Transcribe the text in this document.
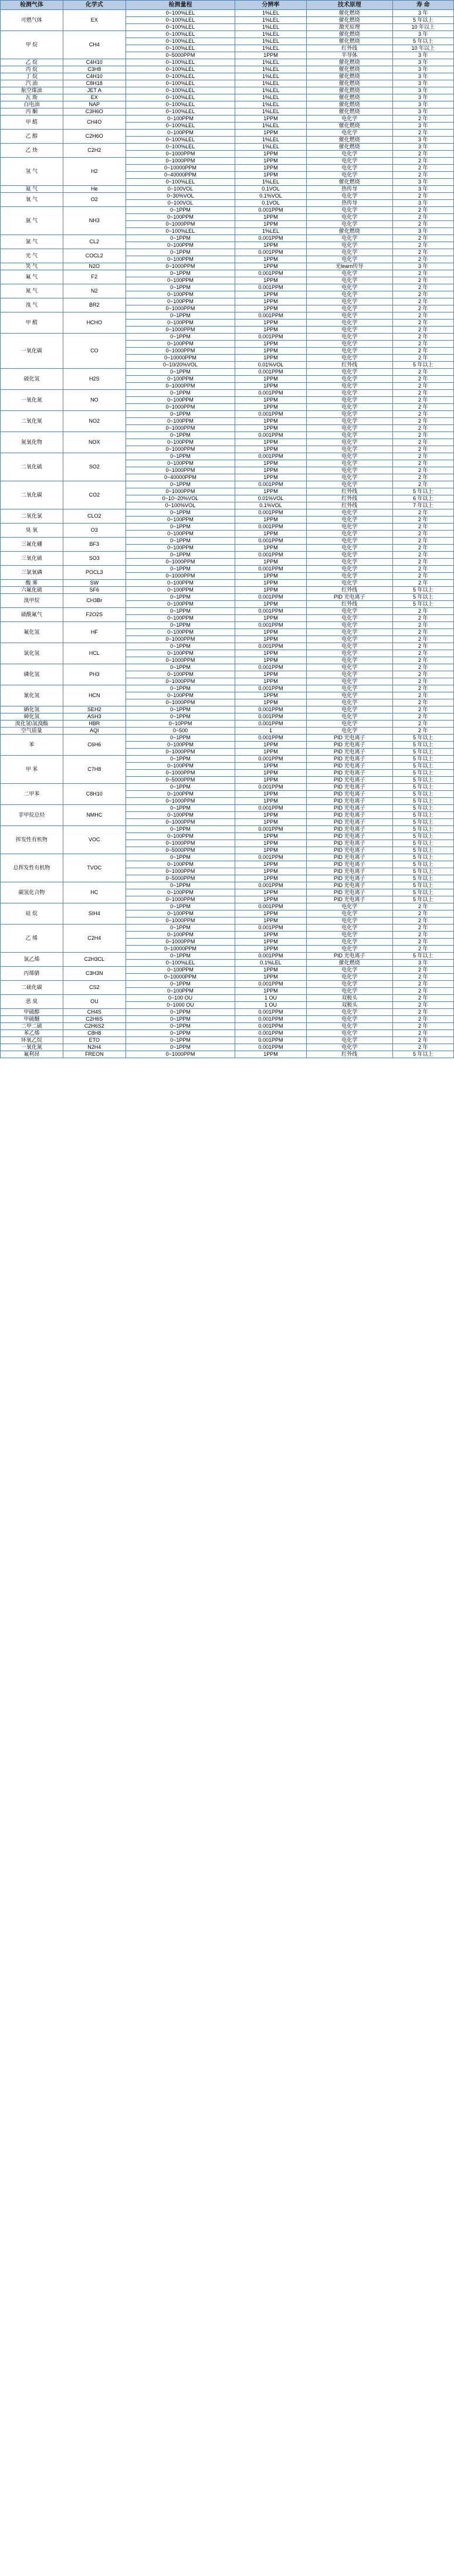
检测气体	化学式	检测量程	分辨率	技术原理	寿 命
可燃气体	EX	0~100%LEL	1%LEL	催化燃烧	3 年
		0~100%LEL	1%LEL	催化燃烧	5 年以上
		0~100%LEL	1%LEL	激光原理	10 年以上
甲 烷	CH4	0~100%LEL	1%LEL	催化燃烧	3 年
		0~100%LEL	1%LEL	催化燃烧	5 年以上
		0~100%LEL	1%LEL	红外线	10 年以上
		0~5000PPM	1PPM	半导体	3 年
乙 烷	C4H10	0~100%LEL	1%LEL	催化燃烧	3 年
丙 烷	C3H8	0~100%LEL	1%LEL	催化燃烧	3 年
丁 烷	C4H10	0~100%LEL	1%LEL	催化燃烧	3 年
汽 油	C8H18	0~100%LEL	1%LEL	催化燃烧	3 年
航空煤油	JET A	0~100%LEL	1%LEL	催化燃烧	3 年
瓦 斯	EX	0~100%LEL	1%LEL	催化燃烧	3 年
白电油	NAP	0~100%LEL	1%LEL	催化燃烧	3 年
丙 酮	C3H6O	0~100%LEL	1%LEL	催化燃烧	3 年
甲 醛	CH4O	0~100PPM	1PPM	电化学	2 年
		0~100%LEL	1%LEL	催化燃烧	3 年
乙 醇	C2H6O	0~100PPM	1PPM	电化学	2 年
		0~100%LEL	1%LEL	催化燃烧	3 年
乙 炔	C2H2	0~100%LEL	1%LEL	催化燃烧	3 年
		0~1000PPM	1PPM	电化学	2 年
氢 气	H2	0~1000PPM	1PPM	电化学	2 年
		0~10000PPM	1PPM	电化学	2 年
		0~40000PPM	1PPM	电化学	2 年
		0~100%LEL	1%LEL	催化燃烧	3 年
氦 气	He	0~100VOL	0.1VOL	热传导	3 年
氧 气	O2	0~30%VOL	0.1%VOL	电化学	2 年
		0~100VOL	0.1VOL	热传导	3 年
氨 气	NH3	0~1PPM	0.001PPM	电化学	2 年
		0~100PPM	1PPM	电化学	2 年
		0~1000PPM	1PPM	电化学	2 年
		0~100%LEL	1%LEL	催化燃烧	3 年
氯 气	CL2	0~1PPM	0.001PPM	电化学	2 年
		0~100PPM	1PPM	电化学	2 年
光 气	COCL2	0~1PPM	0.001PPM	电化学	2 年
		0~100PPM	1PPM	电化学	2 年
笑 气	N2O	0~1000PPM	1PPM	光learn传导	3 年
氟 气	F2	0~1PPM	0.001PPM	电化学	2 年
		0~100PPM	1PPM	电化学	2 年
氮 气	N2	0~1PPM	0.001PPM	电化学	2 年
		0~100PPM	1PPM	电化学	2 年
溴 气	BR2	0~100PPM	1PPM	电化学	2 年
		0~1000PPM	1PPM	电化学	2 年
甲 醛	HCHO	0~1PPM	0.001PPM	电化学	2 年
		0~100PPM	1PPM	电化学	2 年
		0~1000PPM	1PPM	电化学	2 年
一氧化碳	CO	0~1PPM	0.001PPM	电化学	2 年
		0~100PPM	1PPM	电化学	2 年
		0~1000PPM	1PPM	电化学	2 年
		0~10000PPM	1PPM	电化学	2 年
		0~10/20%VOL	0.01%VOL	红外线	5 年以上
硫化氢	H2S	0~1PPM	0.001PPM	电化学	2 年
		0~100PPM	1PPM	电化学	2 年
		0~1000PPM	1PPM	电化学	2 年
一氧化氮	NO	0~1PPM	0.001PPM	电化学	2 年
		0~100PPM	1PPM	电化学	2 年
		0~1000PPM	1PPM	电化学	2 年
二氧化氮	NO2	0~1PPM	0.001PPM	电化学	2 年
		0~100PPM	1PPM	电化学	2 年
		0~1000PPM	1PPM	电化学	2 年
氮氧化物	NOX	0~1PPM	0.001PPM	电化学	2 年
		0~100PPM	1PPM	电化学	2 年
		0~1000PPM	1PPM	电化学	2 年
二氧化硫	SO2	0~1PPM	0.001PPM	电化学	2 年
		0~100PPM	1PPM	电化学	2 年
		0~1000PPM	1PPM	电化学	2 年
		0~40000PPM	1PPM	电化学	2 年
二氧化碳	CO2	0~1PPM	0.001PPM	电化学	2 年
		0~1000PPM	1PPM	红外线	5 年以上
		0~10~20%VOL	0.01%VOL	红外线	6 年以上
		0~100%VOL	0.1%VOL	红外线	7 年以上
二氧化氯	CLO2	0~1PPM	0.001PPM	电化学	2 年
		0~100PPM	1PPM	电化学	2 年
臭 氧	O3	0~1PPM	0.001PPM	电化学	2 年
		0~100PPM	1PPM	电化学	2 年
三氟化硼	BF3	0~1PPM	0.001PPM	电化学	2 年
		0~100PPM	1PPM	电化学	2 年
三氧化硫	SO3	0~1PPM	0.001PPM	电化学	2 年
		0~1000PPM	1PPM	电化学	2 年
三氯氧磷	POCL3	0~1PPM	0.001PPM	电化学	2 年
		0~1000PPM	1PPM	电化学	2 年
酸 雾	SW	0~100PPM	1PPM	电化学	2 年
六氟化硫	SF6	0~100PPM	1PPM	红外线	5 年以上
溴甲烷	CH3Br	0~1PPM	0.001PPM	PID 光电离子	5 年以上
		0~100PPM	1PPM	红外线	5 年以上
硫酰氟气	F2O2S	0~1PPM	0.001PPM	电化学	2 年
		0~100PPM	1PPM	电化学	2 年
氟化氢	HF	0~1PPM	0.001PPM	电化学	2 年
		0~100PPM	1PPM	电化学	2 年
		0~1000PPM	1PPM	电化学	2 年
氯化氢	HCL	0~1PPM	0.001PPM	电化学	2 年
		0~100PPM	1PPM	电化学	2 年
		0~1000PPM	1PPM	电化学	2 年
磷化氢	PH3	0~1PPM	0.001PPM	电化学	2 年
		0~100PPM	1PPM	电化学	2 年
		0~1000PPM	1PPM	电化学	2 年
氰化氢	HCN	0~1PPM	0.001PPM	电化学	2 年
		0~100PPM	1PPM	电化学	2 年
		0~1000PPM	1PPM	电化学	2 年
硒化氢	SEH2	0~1PPM	0.001PPM	电化学	2 年
砷化氢	ASH3	0~1PPM	0.001PPM	电化学	2 年
溴化氢\氢溴酸	HBR	0~10PPM	0.001PPM	电化学	2 年
空气质量	AQI	0~500	1	电化学	2 年
苯	C6H6	0~1PPM	0.001PPM	PID 光电离子	5 年以上
		0~100PPM	1PPM	PID 光电离子	5 年以上
		0~1000PPM	1PPM	PID 光电离子	5 年以上
甲 苯	C7H8	0~1PPM	0.001PPM	PID 光电离子	5 年以上
		0~100PPM	1PPM	PID 光电离子	5 年以上
		0~1000PPM	1PPM	PID 光电离子	5 年以上
		0~5000PPM	1PPM	PID 光电离子	5 年以上
二甲苯	C8H10	0~1PPM	0.001PPM	PID 光电离子	5 年以上
		0~100PPM	1PPM	PID 光电离子	5 年以上
		0~1000PPM	1PPM	PID 光电离子	5 年以上
非甲烷总烃	NMHC	0~1PPM	0.001PPM	PID 光电离子	5 年以上
		0~100PPM	1PPM	PID 光电离子	5 年以上
		0~1000PPM	1PPM	PID 光电离子	5 年以上
挥发性有机物	VOC	0~1PPM	0.001PPM	PID 光电离子	5 年以上
		0~100PPM	1PPM	PID 光电离子	5 年以上
		0~1000PPM	1PPM	PID 光电离子	5 年以上
		0~5000PPM	1PPM	PID 光电离子	5 年以上
总挥发性有机物	TVOC	0~1PPM	0.001PPM	PID 光电离子	5 年以上
		0~100PPM	1PPM	PID 光电离子	5 年以上
		0~1000PPM	1PPM	PID 光电离子	5 年以上
		0~5000PPM	1PPM	PID 光电离子	5 年以上
碳氢化合物	HC	0~1PPM	0.001PPM	PID 光电离子	5 年以上
		0~100PPM	1PPM	PID 光电离子	5 年以上
		0~1000PPM	1PPM	PID 光电离子	5 年以上
硅 烷	SIH4	0~1PPM	0.001PPM	电化学	2 年
		0~100PPM	1PPM	电化学	2 年
		0~1000PPM	1PPM	电化学	2 年
乙 烯	C2H4	0~1PPM	0.001PPM	电化学	2 年
		0~100PPM	1PPM	电化学	2 年
		0~1000PPM	1PPM	电化学	2 年
		0~10000PPM	1PPM	电化学	2 年
氯乙烯	C2H3CL	0~1PPM	0.001PPM	PID 光电离子	5 年以上
		0~100%LEL	0.1%LEL	催化燃烧	3 年
丙烯腈	C3H3N	0~100PPM	1PPM	电化学	2 年
		0~10000PPM	1PPM	电化学	2 年
二硫化碳	CS2	0~1PPM	0.001PPM	电化学	2 年
		0~100PPM	1PPM	电化学	2 年
恶 臭	OU	0~100 OU	1 OU	双极头	2 年
		0~1000 OU	1 OU	双极头	2 年
甲硫醇	CH4S	0~1PPM	0.001PPM	电化学	2 年
甲硫醚	C2H6S	0~1PPM	0.001PPM	电化学	2 年
二甲二硫	C2H6S2	0~1PPM	0.001PPM	电化学	2 年
苯乙烯	C8H8	0~1PPM	0.001PPM	电化学	2 年
环氧乙烷	ETO	0~1PPM	0.001PPM	电化学	2 年
一氧化氮	N2H4	0~1PPM	0.001PPM	电化学	2 年
氟利昂	FREON	0~1000PPM	1PPM	红外线	5 年以上
